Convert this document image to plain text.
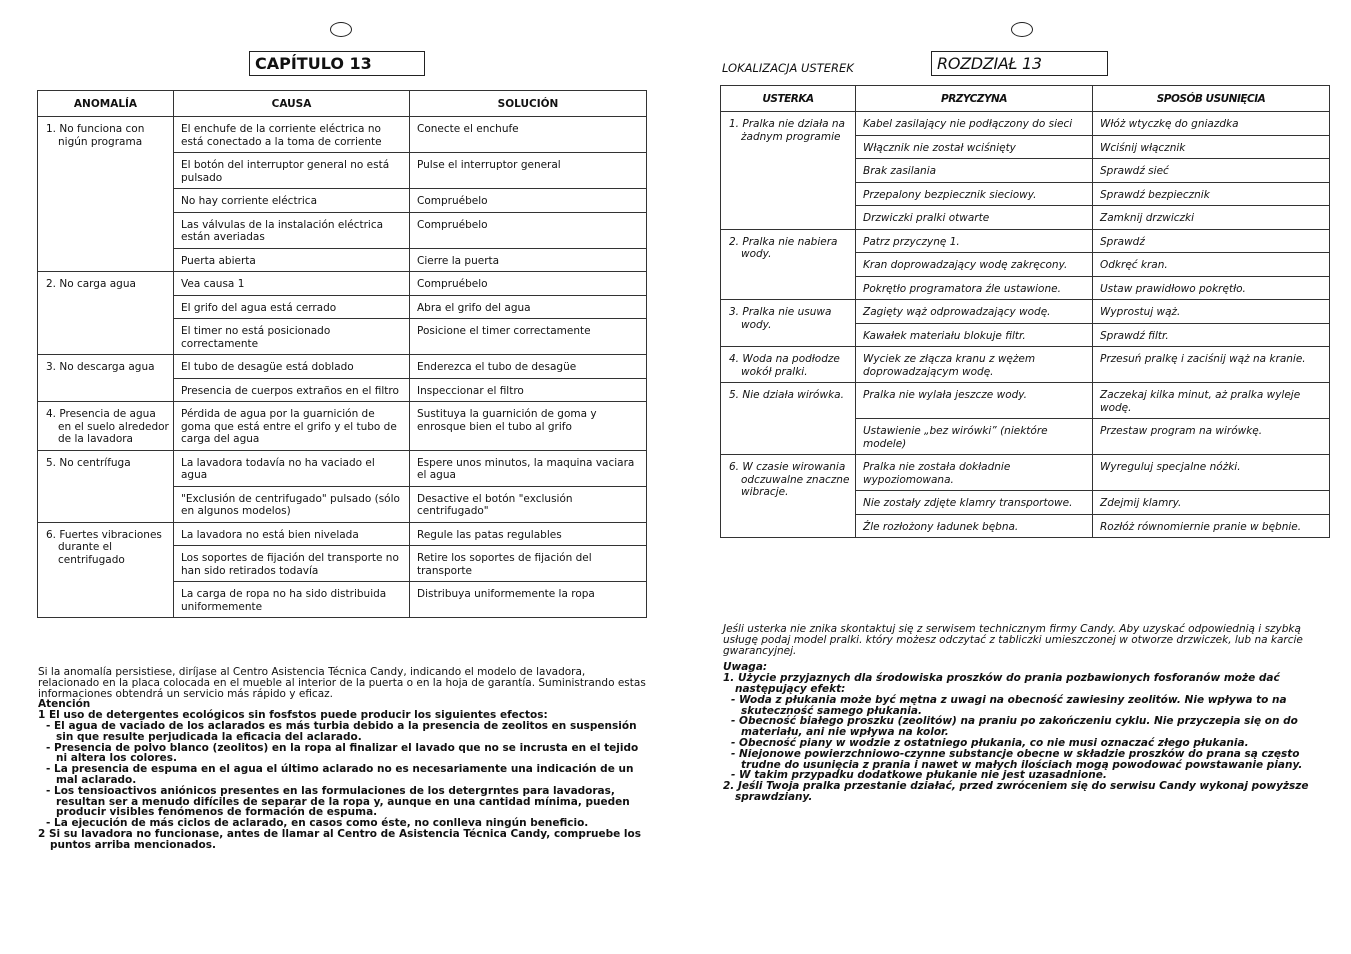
CAPÍTULO 13
ANOMALÍA	CAUSA	SOLUCIÓN

1. No funciona con nigún programa	El enchufe de la corriente eléctrica no está conectado a la toma de corriente	Conecte el enchufe
	El botón del interruptor general no está pulsado	Pulse el interruptor general
	No hay corriente eléctrica	Compruébelo
	Las válvulas de la instalación eléctrica están averiadas	Compruébelo
	Puerta abierta	Cierre la puerta

2. No carga agua	Vea causa 1	Compruébelo
	El grifo del agua está cerrado	Abra el grifo del agua
	El timer no está posicionado correctamente	Posicione el timer correctamente

3. No descarga agua	El tubo de desagüe está doblado	Enderezca el tubo de desagüe
	Presencia de cuerpos extraños en el filtro	Inspeccionar el filtro

4. Presencia de agua en el suelo alrededor de la lavadora	Pérdida de agua por la guarnición de goma que está entre el grifo y el tubo de carga del agua	Sustituya la guarnición de goma y enrosque bien el tubo al grifo

5. No centrífuga	La lavadora todavía no ha vaciado el agua	Espere unos minutos, la maquina vaciara el agua
	"Exclusión de centrifugado" pulsado (sólo en algunos modelos)	Desactive el botón "exclusión centrifugado"

6. Fuertes vibraciones durante el centrifugado	La lavadora no está bien nivelada	Regule las patas regulables
	Los soportes de fijación del transporte no han sido retirados todavía	Retire los soportes de fijación del transporte
	La carga de ropa no ha sido distribuida uniformemente	Distribuya uniformemente la ropa

Si la anomalía persistiese, diríjase al Centro Asistencia Técnica Candy, indicando el modelo de lavadora, relacionado en la placa colocada en el mueble al interior de la puerta o en la hoja de garantía. Suministrando estas informaciones obtendrá un servicio más rápido y eficaz.

Atención

1 El uso de detergentes ecológicos sin fosfstos puede producir los siguientes efectos:

- El agua de vaciado de los aclarados es más turbia debido a la presencia de zeolitos en suspensión sin que resulte perjudicada la eficacia del aclarado.

- Presencia de polvo blanco (zeolitos) en la ropa al finalizar el lavado que no se incrusta en el tejido ni altera los colores.

- La presencia de espuma en el agua el último aclarado no es necesariamente una indicación de un mal aclarado.

- Los tensioactivos aniónicos presentes en las formulaciones de los detergrntes para lavadoras, resultan ser a menudo difíciles de separar de la ropa y, aunque en una cantidad mínima, pueden producir visibles fenómenos de formación de espuma.

- La ejecución de más ciclos de aclarado, en casos como éste, no conlleva ningún beneficio.

2 Si su lavadora no funcionase, antes de llamar al Centro de Asistencia Técnica Candy, compruebe los puntos arriba mencionados.

LOKALIZACJA USTEREK	ROZDZIAŁ 13
USTERKA	PRZYCZYNA	SPOSÓB USUNIĘCIA

1. Pralka nie działa na żadnym programie	Kabel zasilający nie podłączony do sieci	Włóż wtyczkę do gniazdka
	Włącznik nie został wciśnięty	Wciśnij włącznik
	Brak zasilania	Sprawdź sieć
	Przepalony bezpiecznik sieciowy.	Sprawdź bezpiecznik
	Drzwiczki pralki otwarte	Zamknij drzwiczki

2. Pralka nie nabiera wody.	Patrz przyczynę 1.	Sprawdź
	Kran doprowadzający wodę zakręcony.	Odkręć kran.
	Pokrętło programatora źle ustawione.	Ustaw prawidłowo pokrętło.

3. Pralka nie usuwa wody.	Zagięty wąż odprowadzający wodę.	Wyprostuj wąż.
	Kawałek materiału blokuje filtr.	Sprawdź filtr.

4. Woda na podłodze wokół pralki.	Wyciek ze złącza kranu z wężem doprowadzającym wodę.	Przesuń pralkę i zaciśnij wąż na kranie.

5. Nie działa wirówka.	Pralka nie wylała jeszcze wody.	Zaczekaj kilka minut, aż pralka wyleje wodę.
	Ustawienie „bez wirówki” (niektóre modele)	Przestaw program na wirówkę.

6. W czasie wirowania odczuwalne znaczne wibracje.	Pralka nie została dokładnie wypoziomowana.	Wyreguluj specjalne nóżki.
	Nie zostały zdjęte klamry transportowe.	Zdejmij klamry.
	Źle rozłożony ładunek bębna.	Rozłóż równomiernie pranie w bębnie.

Jeśli usterka nie znika skontaktuj się z serwisem technicznym firmy Candy. Aby uzyskać odpowiednią i szybką usługę podaj model pralki. który możesz odczytać z tabliczki umieszczonej w otworze drzwiczek, lub na karcie gwarancyjnej.

Uwaga:

1. Użycie przyjaznych dla środowiska proszków do prania pozbawionych fosforanów może dać następujący efekt:

- Woda z płukania może być mętna z uwagi na obecność zawiesiny zeolitów. Nie wpływa to na skuteczność samego płukania.

- Obecność białego proszku (zeolitów) na praniu po zakończeniu cyklu. Nie przyczepia się on do materiału, ani nie wpływa na kolor.

- Obecność piany w wodzie z ostatniego płukania, co nie musi oznaczać złego płukania.

- Niejonowe powierzchniowo-czynne substancje obecne w składzie proszków do prana są często trudne do usunięcia z prania i nawet w małych ilościach mogą powodować powstawanie piany.

- W takim przypadku dodatkowe płukanie nie jest uzasadnione.

2. Jeśli Twoja pralka przestanie działać, przed zwróceniem się do serwisu Candy wykonaj powyższe sprawdziany.
